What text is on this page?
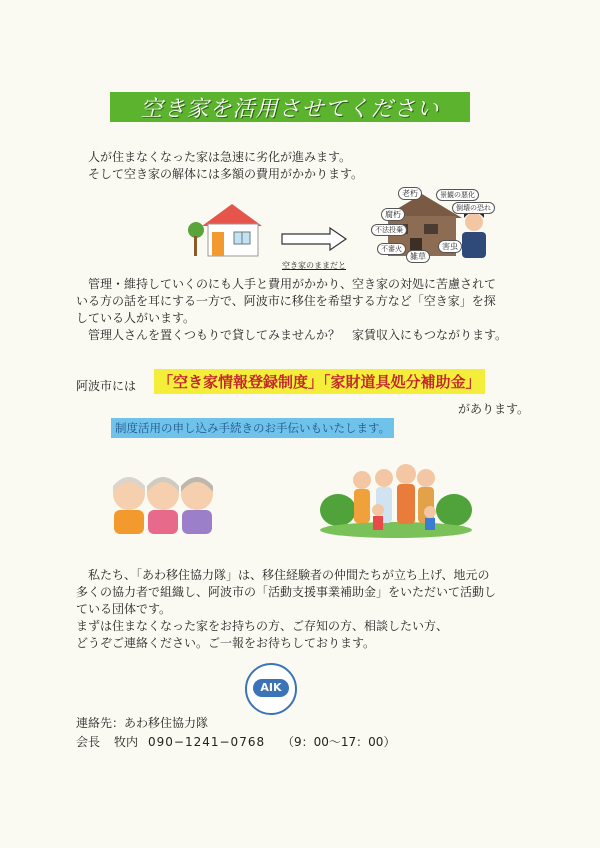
空き家を活用させてください
人が住まなくなった家は急速に劣化が進みます。
そして空き家の解体には多額の費用がかかります。
空き家のままだと
老朽	景観の悪化
倒壊の恐れ
腐朽
不法投棄
不審火
雑草
害虫
管理・維持していくのにも人手と費用がかかり、空き家の対処に苦慮されて
いる方の話を耳にする一方で、阿波市に移住を希望する方など「空き家」を探
している人がいます。
管理人さんを置くつもりで貸してみませんか？　家賃収入にもつながります。
阿波市には 「空き家情報登録制度」「家財道具処分補助金」
があります。
制度活用の申し込み手続きのお手伝いもいたします。
私たち、「あわ移住協力隊」は、移住経験者の仲間たちが立ち上げ、地元の
多くの協力者で組織し、阿波市の「活動支援事業補助金」をいただいて活動し
ている団体です。
まずは住まなくなった家をお持ちの方、ご存知の方、相談したい方、
どうぞご連絡ください。ご一報をお待ちしております。
AIK
連絡先：あわ移住協力隊
会長 牧内 090−1241−0768 （9：00〜17：00）
